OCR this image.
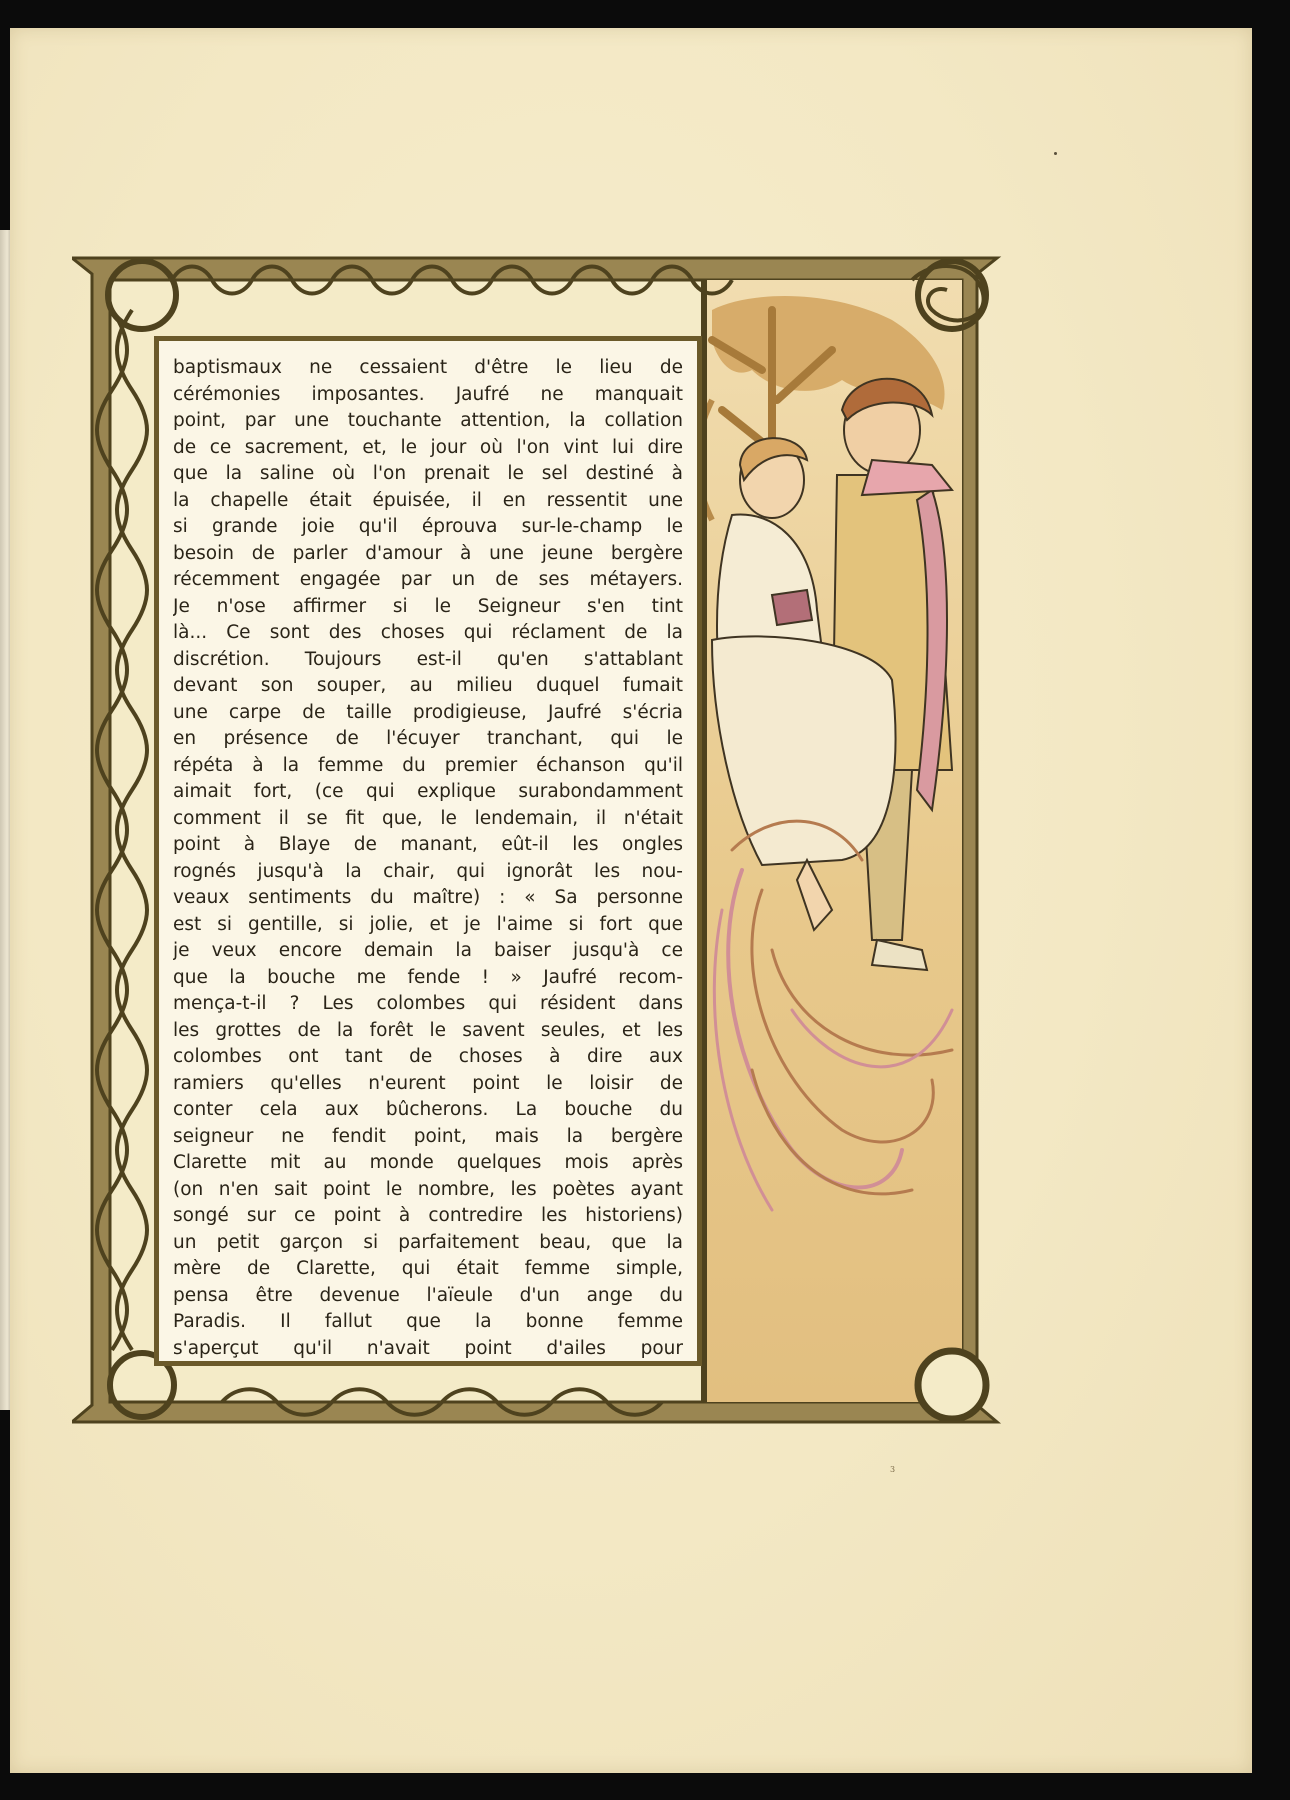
baptismaux ne cessaient d'être le lieu de
cérémonies imposantes. Jaufré ne manquait
point, par une touchante attention, la collation
de ce sacrement, et, le jour où l'on vint lui dire
que la saline où l'on prenait le sel destiné à
la chapelle était épuisée, il en ressentit une
si grande joie qu'il éprouva sur-le-champ le
besoin de parler d'amour à une jeune bergère
récemment engagée par un de ses métayers.
Je n'ose affirmer si le Seigneur s'en tint
là... Ce sont des choses qui réclament de la
discrétion. Toujours est-il qu'en s'attablant
devant son souper, au milieu duquel fumait
une carpe de taille prodigieuse, Jaufré s'écria
en présence de l'écuyer tranchant, qui le
répéta à la femme du premier échanson qu'il
aimait fort, (ce qui explique surabondamment
comment il se fit que, le lendemain, il n'était
point à Blaye de manant, eût-il les ongles
rognés jusqu'à la chair, qui ignorât les nou-
veaux sentiments du maître) : « Sa personne
est si gentille, si jolie, et je l'aime si fort que
je veux encore demain la baiser jusqu'à ce
que la bouche me fende ! » Jaufré recom-
mença-t-il ? Les colombes qui résident dans
les grottes de la forêt le savent seules, et les
colombes ont tant de choses à dire aux
ramiers qu'elles n'eurent point le loisir de
conter cela aux bûcherons. La bouche du
seigneur ne fendit point, mais la bergère
Clarette mit au monde quelques mois après
(on n'en sait point le nombre, les poètes ayant
songé sur ce point à contredire les historiens)
un petit garçon si parfaitement beau, que la
mère de Clarette, qui était femme simple,
pensa être devenue l'aïeule d'un ange du
Paradis. Il fallut que la bonne femme
s'aperçut qu'il n'avait point d'ailes pour
3
